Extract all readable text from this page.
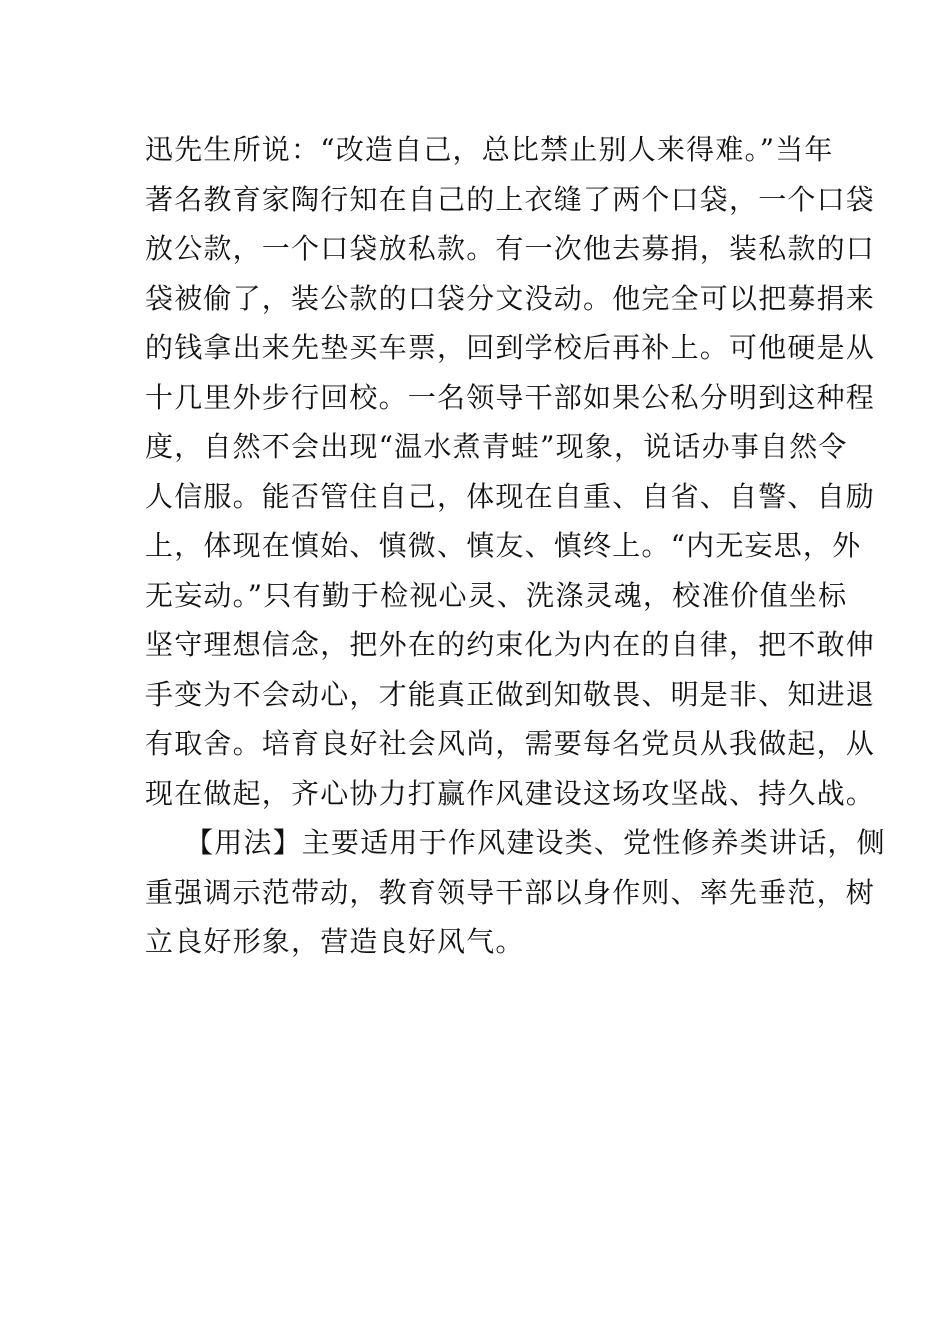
迅先生所说：“改造自己，总比禁止别人来得难。”当年
著名教育家陶行知在自己的上衣缝了两个口袋，一个口袋
放公款，一个口袋放私款。有一次他去募捐，装私款的口
袋被偷了，装公款的口袋分文没动。他完全可以把募捐来
的钱拿出来先垫买车票，回到学校后再补上。可他硬是从
十几里外步行回校。一名领导干部如果公私分明到这种程
度，自然不会出现“温水煮青蛙”现象，说话办事自然令
人信服。能否管住自己，体现在自重、自省、自警、自励
上，体现在慎始、慎微、慎友、慎终上。“内无妄思，外
无妄动。”只有勤于检视心灵、洗涤灵魂，校准价值坐标
坚守理想信念，把外在的约束化为内在的自律，把不敢伸
手变为不会动心，才能真正做到知敬畏、明是非、知进退
有取舍。培育良好社会风尚，需要每名党员从我做起，从
现在做起，齐心协力打赢作风建设这场攻坚战、持久战。
【用法】主要适用于作风建设类、党性修养类讲话，侧
重强调示范带动，教育领导干部以身作则、率先垂范，树
立良好形象，营造良好风气。
